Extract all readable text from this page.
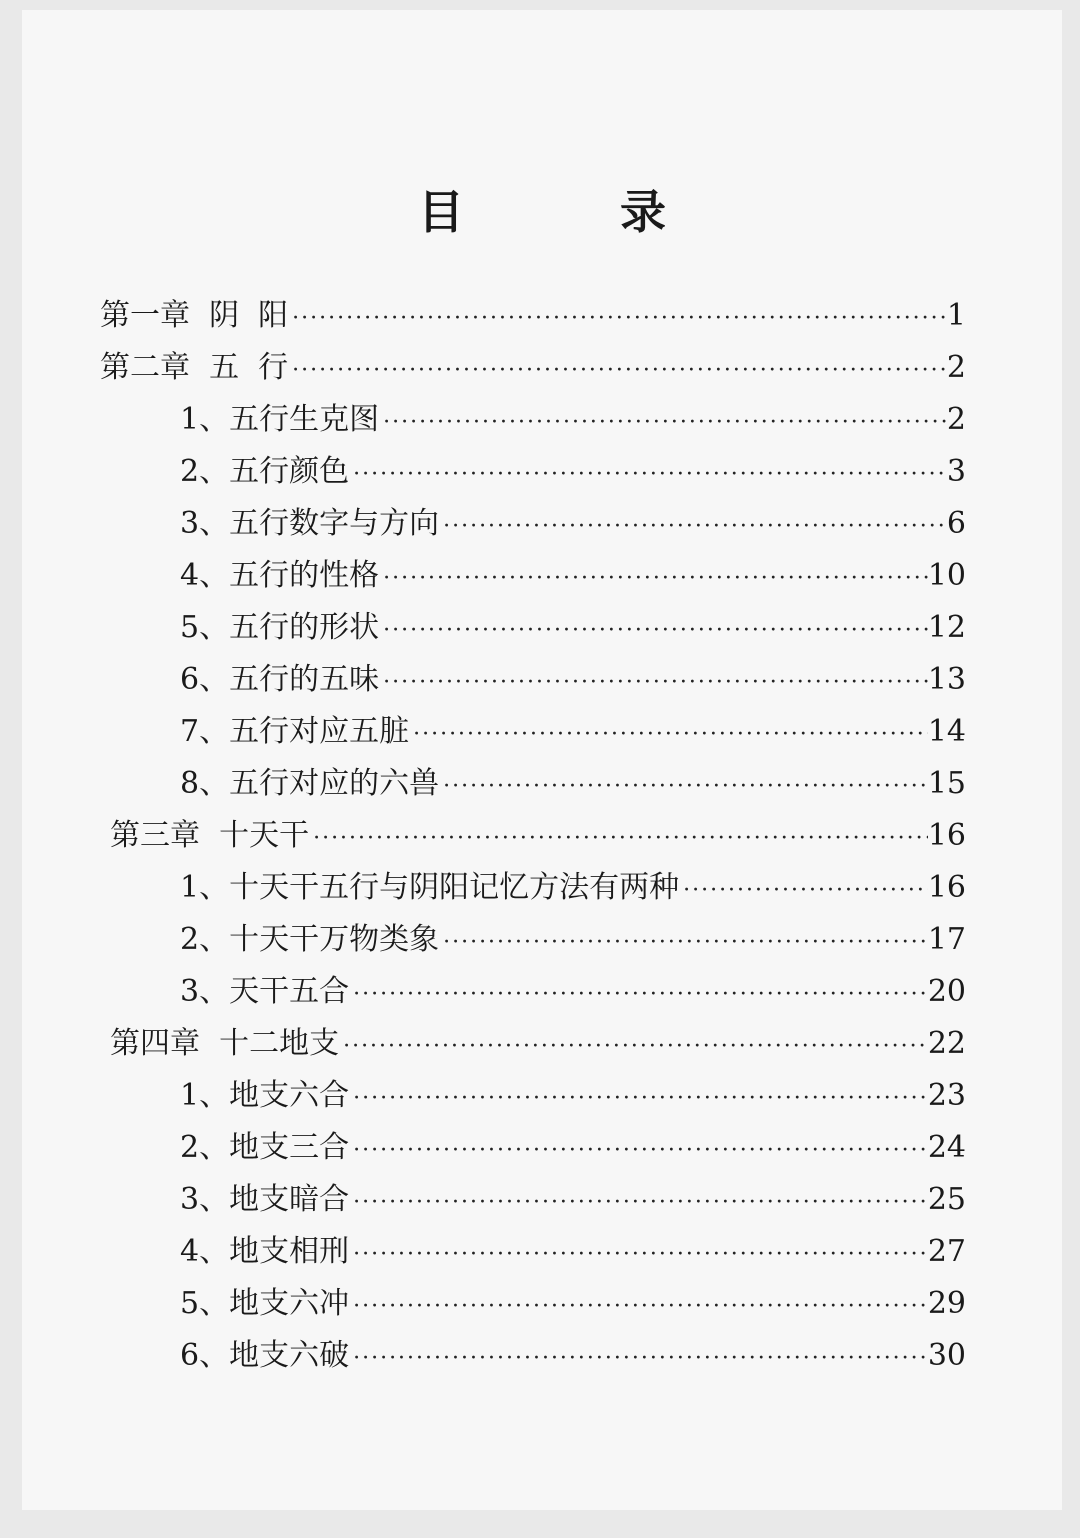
目 录
第一章  阴  阳 ·····	1
第二章  五  行 ·····	2
1、五行生克图 ·····	2
2、五行颜色 ·····	3
3、五行数字与方向 ·····	6
4、五行的性格 ·····	10
5、五行的形状 ·····	12
6、五行的五味 ·····	13
7、五行对应五脏 ·····	14
8、五行对应的六兽 ·····	15
第三章  十天干 ·····	16
1、十天干五行与阴阳记忆方法有两种 ·····	16
2、十天干万物类象 ·····	17
3、天干五合 ·····	20
第四章  十二地支 ·····	22
1、地支六合 ·····	23
2、地支三合 ·····	24
3、地支暗合 ·····	25
4、地支相刑 ·····	27
5、地支六冲 ·····	29
6、地支六破 ·····	30
